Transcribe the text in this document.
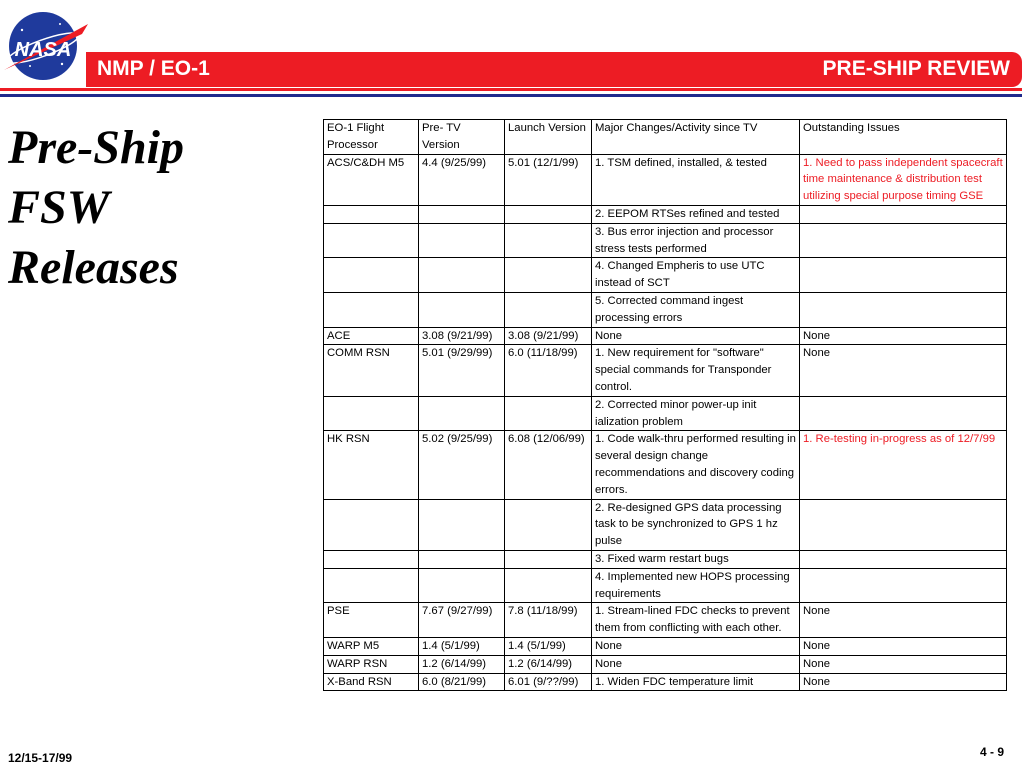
NASA
NMP / EO-1	PRE-SHIP REVIEW
Pre-Ship
FSW
Releases
EO-1 Flight Processor	Pre- TV Version	Launch Version	Major Changes/Activity since TV	Outstanding Issues
ACS/C&DH M5	4.4 (9/25/99)	5.01 (12/1/99)	1. TSM defined, installed, & tested	1. Need to pass independent spacecraft time maintenance & distribution test utilizing special purpose timing GSE
			2. EEPOM RTSes refined and tested	
			3. Bus error injection and processor stress tests performed	
			4. Changed Empheris to use UTC instead of SCT	
			5. Corrected command ingest processing errors	
ACE	3.08 (9/21/99)	3.08 (9/21/99)	None	None
COMM RSN	5.01 (9/29/99)	6.0 (11/18/99)	1. New requirement for "software" special commands for Transponder control.	None
			2. Corrected minor power-up init ialization problem	
HK RSN	5.02 (9/25/99)	6.08 (12/06/99)	1. Code walk-thru performed resulting in several design change recommendations and discovery coding errors.	1. Re-testing in-progress as of 12/7/99
			2. Re-designed GPS data processing task to be synchronized to GPS 1 hz pulse	
			3. Fixed warm restart bugs	
			4. Implemented new HOPS processing requirements	
PSE	7.67 (9/27/99)	7.8 (11/18/99)	1. Stream-lined FDC checks to prevent them from conflicting with each other.	None
WARP M5	1.4 (5/1/99)	1.4 (5/1/99)	None	None
WARP RSN	1.2 (6/14/99)	1.2 (6/14/99)	None	None
X-Band RSN	6.0 (8/21/99)	6.01 (9/??/99)	1. Widen FDC temperature limit	None
12/15-17/99	4 - 9
